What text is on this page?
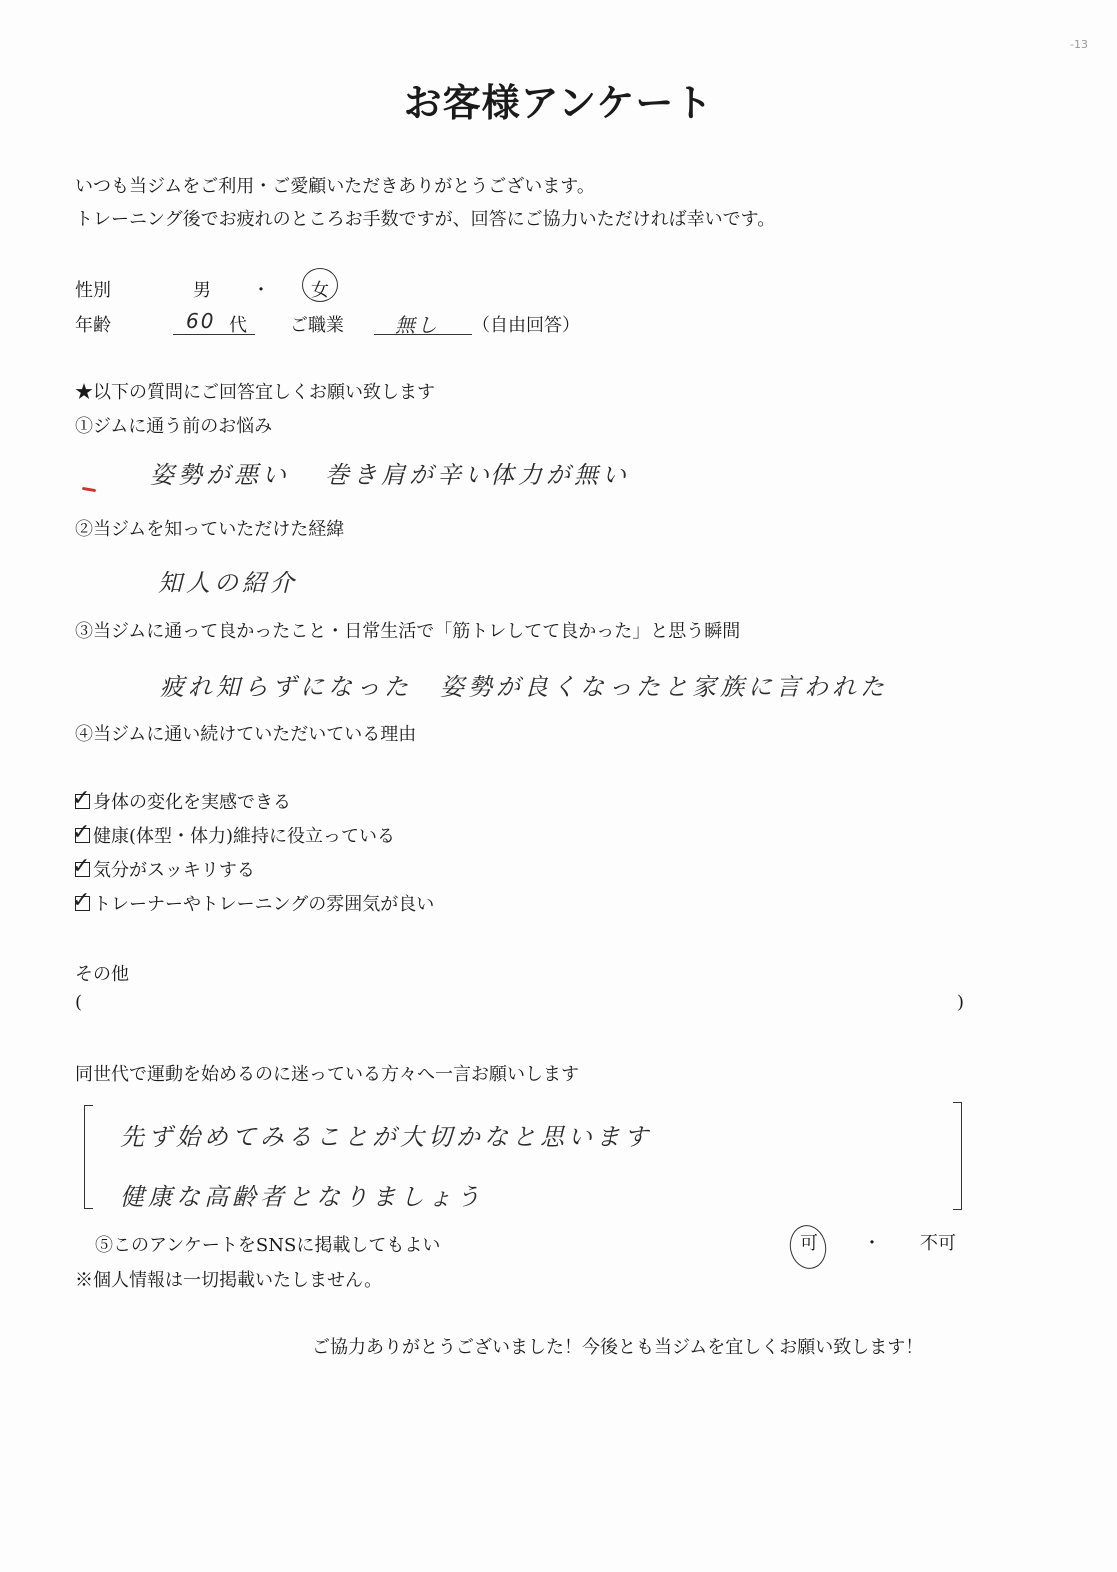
-13
お客様アンケート
いつも当ジムをご利用・ご愛顧いただきありがとうございます。
トレーニング後でお疲れのところお手数ですが、回答にご協力いただければ幸いです。
性別	男 ・ 女
年齢	60 代 ご職業	無し （自由回答）
★以下の質問にご回答宜しくお願い致します
①ジムに通う前のお悩み
姿勢が悪い 巻き肩が辛い
体力が無い
②当ジムを知っていただけた経緯
知人の紹介
③当ジムに通って良かったこと・日常生活で「筋トレしてて良かった」と思う瞬間
疲れ知らずになった 姿勢が良くなったと家族に言われた
④当ジムに通い続けていただいている理由
✓ 身体の変化を実感できる
✓ 健康(体型・体力)維持に役立っている
✓ 気分がスッキリする
✓ トレーナーやトレーニングの雰囲気が良い
その他
(	)
同世代で運動を始めるのに迷っている方々へ一言お願いします
先ず始めてみることが大切かなと思います
健康な高齢者となりましょう
⑤このアンケートをSNSに掲載してもよい	可	・ 不可
※個人情報は一切掲載いたしません。
ご協力ありがとうございました！今後とも当ジムを宜しくお願い致します！
